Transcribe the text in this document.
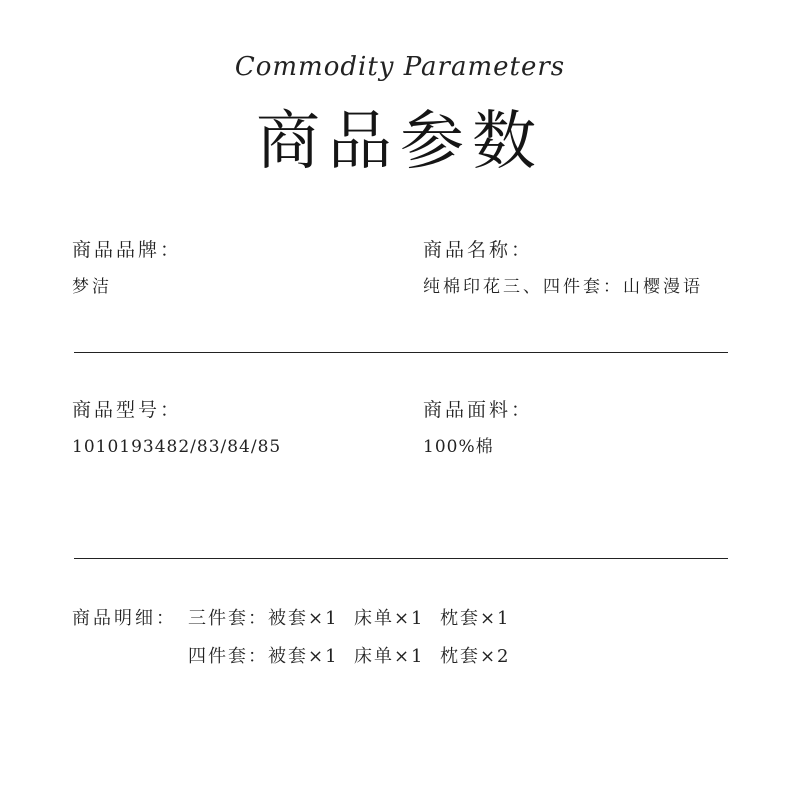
Commodity Parameters
商品参数
商品品牌：
梦洁
商品名称：
纯棉印花三、四件套：山樱漫语
商品型号：
1010193482/83/84/85
商品面料：
100%棉
商品明细： 三件套：被套×1  床单×1  枕套×1
四件套：被套×1  床单×1  枕套×2
